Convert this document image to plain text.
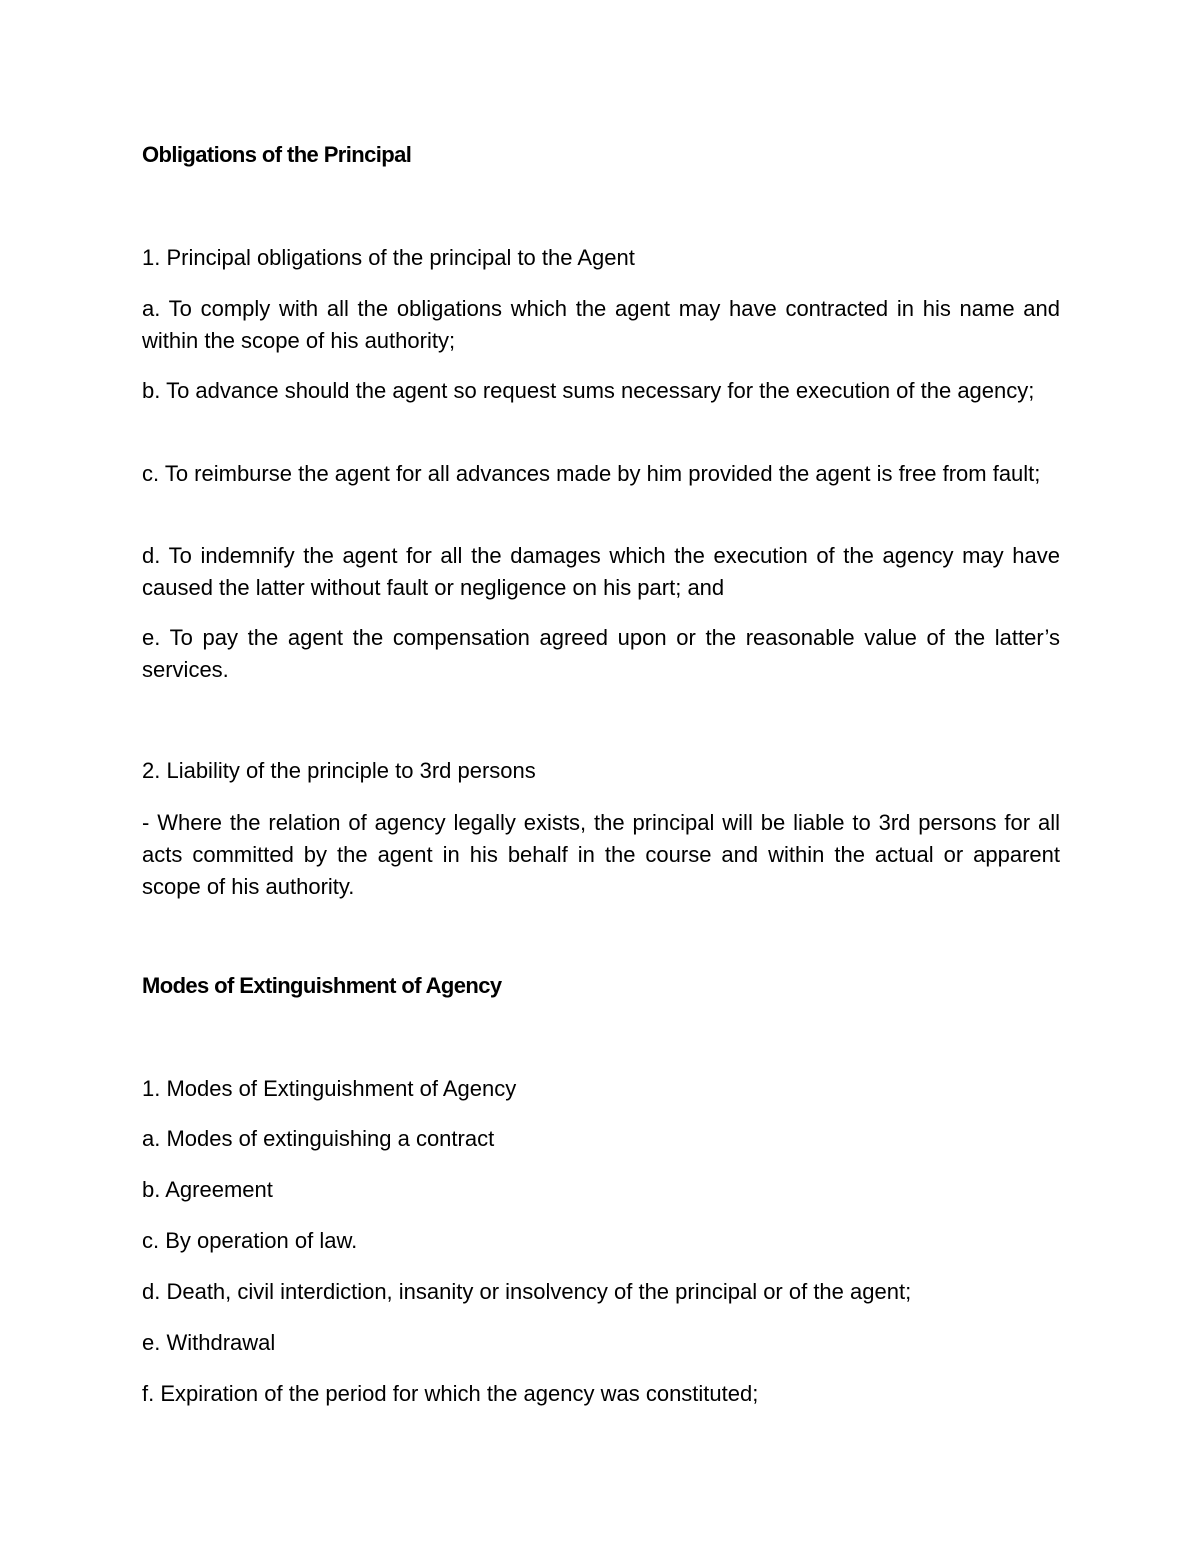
Obligations of the Principal

1. Principal obligations of the principal to the Agent

a. To comply with all the obligations which the agent may have contracted in his name and within the scope of his authority;

b. To advance should the agent so request sums necessary for the execution of the agency;

c. To reimburse the agent for all advances made by him provided the agent is free from fault;

d. To indemnify the agent for all the damages which the execution of the agency may have caused the latter without fault or negligence on his part; and

e. To pay the agent the compensation agreed upon or the reasonable value of the latter’s services.

2. Liability of the principle to 3rd persons

- Where the relation of agency legally exists, the principal will be liable to 3rd persons for all acts committed by the agent in his behalf in the course and within the actual or apparent scope of his authority.

Modes of Extinguishment of Agency

1. Modes of Extinguishment of Agency

a. Modes of extinguishing a contract

b. Agreement

c. By operation of law.

d. Death, civil interdiction, insanity or insolvency of the principal or of the agent;

e. Withdrawal

f. Expiration of the period for which the agency was constituted;
